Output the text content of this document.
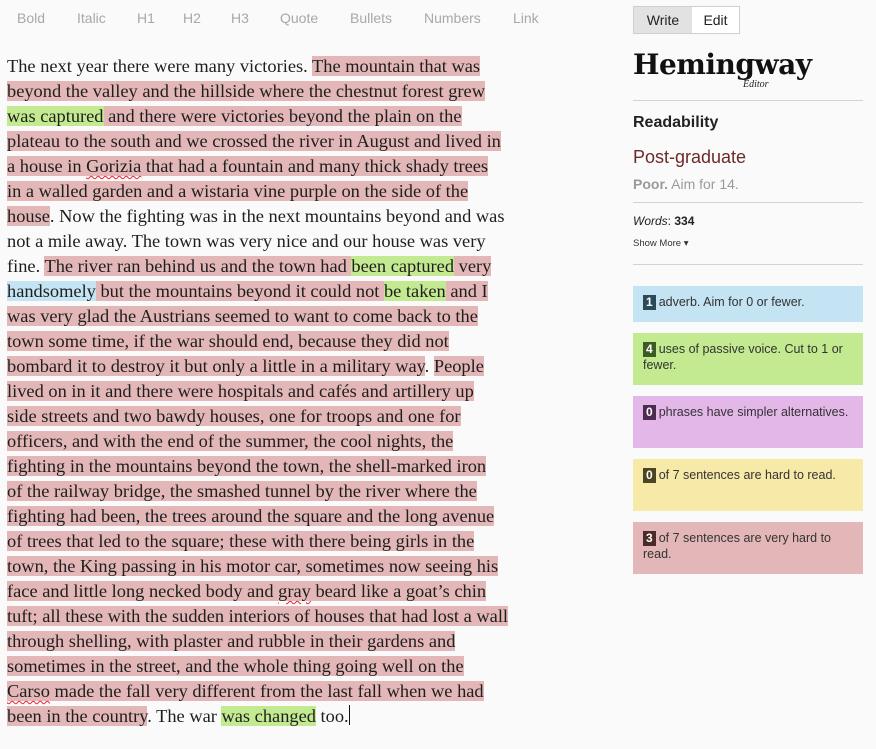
Bold Italic H1 H2 H3 Quote Bullets Numbers Link
The next year there were many victories. The mountain that was
beyond the valley and the hillside where the chestnut forest grew
was captured and there were victories beyond the plain on the
plateau to the south and we crossed the river in August and lived in
a house in Gorizia that had a fountain and many thick shady trees
in a walled garden and a wistaria vine purple on the side of the
house. Now the fighting was in the next mountains beyond and was
not a mile away. The town was very nice and our house was very
fine. The river ran behind us and the town had been captured very
handsomely but the mountains beyond it could not be taken and I
was very glad the Austrians seemed to want to come back to the
town some time, if the war should end, because they did not
bombard it to destroy it but only a little in a military way. People
lived on in it and there were hospitals and cafés and artillery up
side streets and two bawdy houses, one for troops and one for
officers, and with the end of the summer, the cool nights, the
fighting in the mountains beyond the town, the shell-marked iron
of the railway bridge, the smashed tunnel by the river where the
fighting had been, the trees around the square and the long avenue
of trees that led to the square; these with there being girls in the
town, the King passing in his motor car, sometimes now seeing his
face and little long necked body and gray beard like a goat’s chin
tuft; all these with the sudden interiors of houses that had lost a wall
through shelling, with plaster and rubble in their gardens and
sometimes in the street, and the whole thing going well on the
Carso made the fall very different from the last fall when we had
been in the country. The war was changed too.
Write	Edit
Hemingway
Editor
Readability
Post-graduate
Poor. Aim for 14.
Words: 334
Show More ▾
1 adverb. Aim for 0 or fewer.
4 uses of passive voice. Cut to 1 or fewer.
0 phrases have simpler alternatives.
0 of 7 sentences are hard to read.
3 of 7 sentences are very hard to read.
